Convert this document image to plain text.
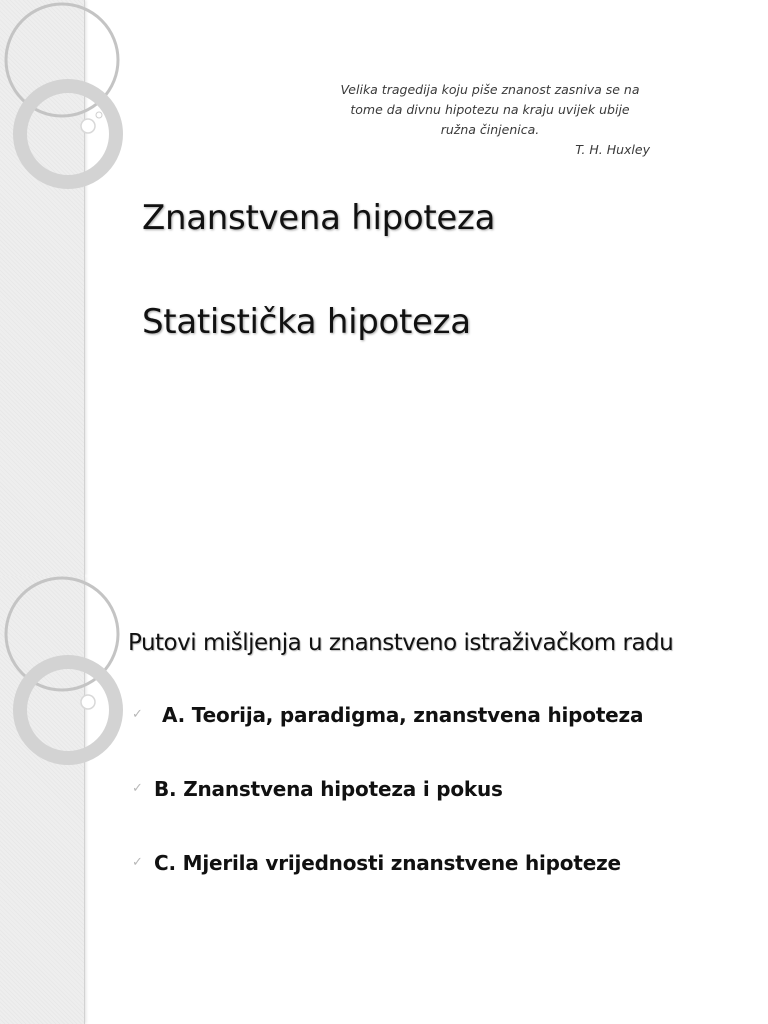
Velika tragedija koju piše znanost zasniva se na
tome da divnu hipotezu na kraju uvijek ubije
ružna činjenica.
T. H. Huxley
Znanstvena hipoteza
Statistička hipoteza
Putovi mišljenja u znanstveno istraživačkom radu
✓ A. Teorija, paradigma, znanstvena hipoteza
✓ B. Znanstvena hipoteza i pokus
✓ C. Mjerila vrijednosti znanstvene hipoteze
